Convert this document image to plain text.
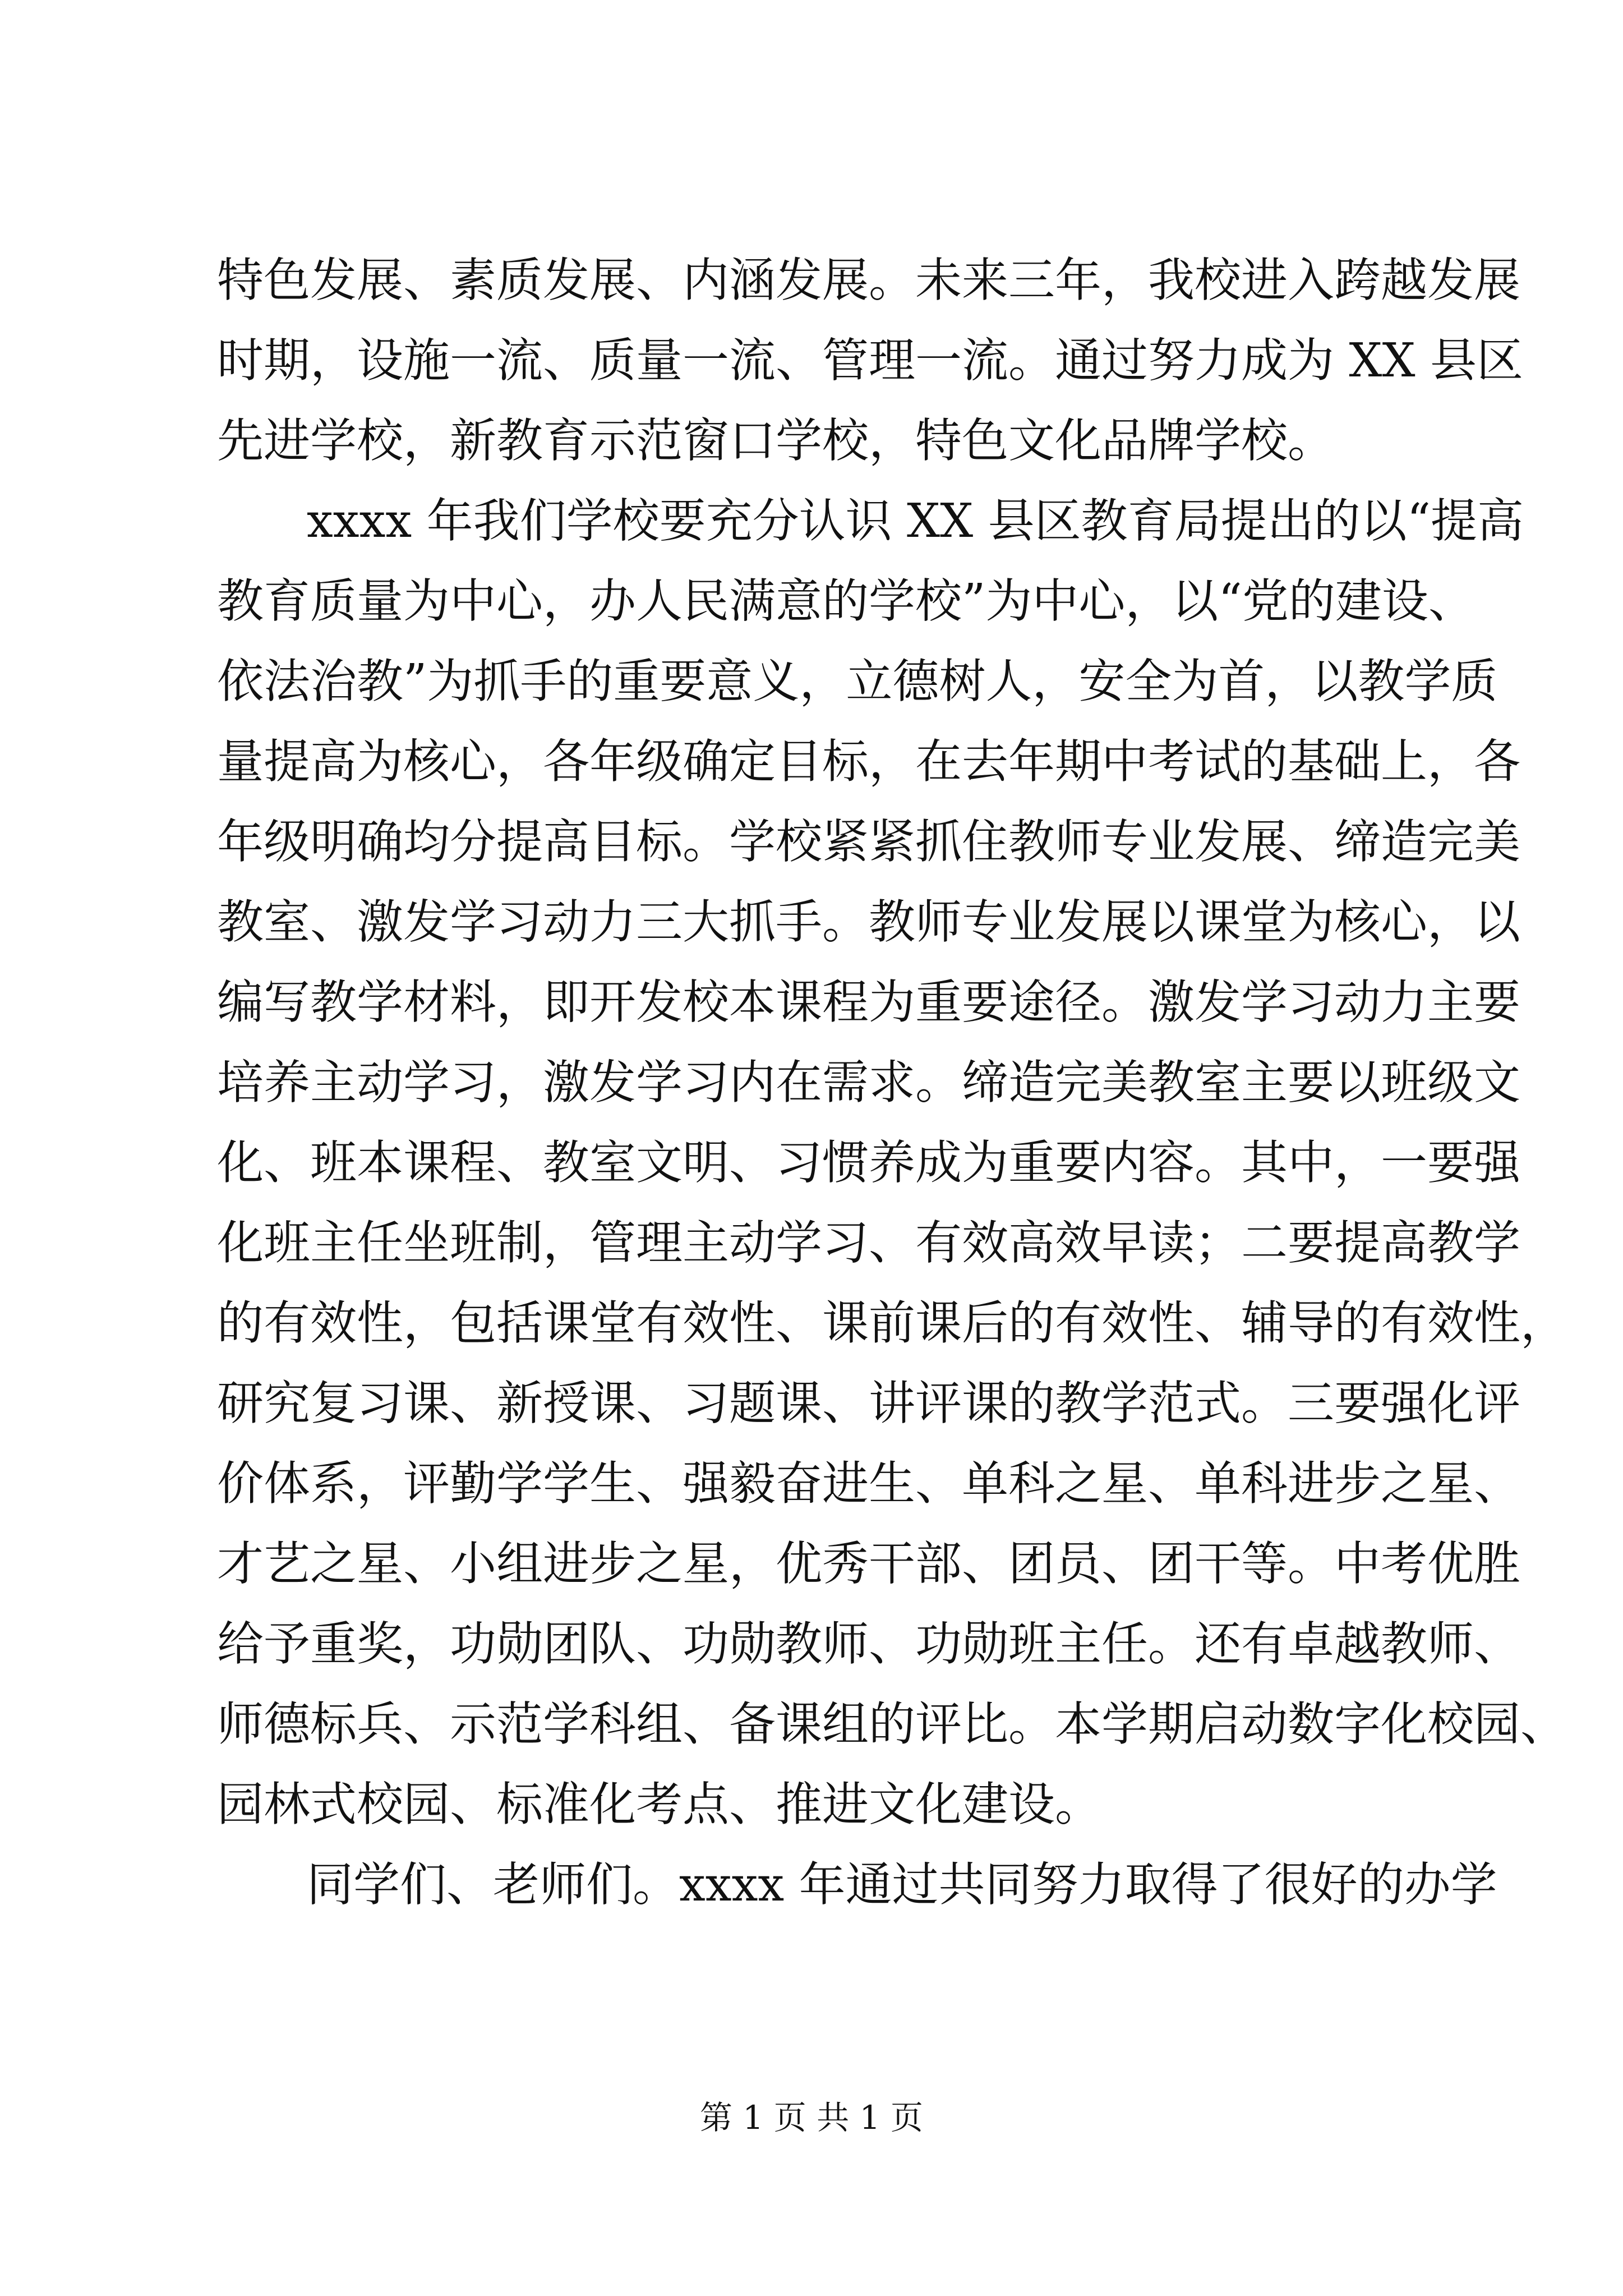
特色发展、素质发展、内涵发展。未来三年，我校进入跨越发展
时期，设施一流、质量一流、管理一流。通过努力成为 XX 县区
先进学校，新教育示范窗口学校，特色文化品牌学校。
xxxx 年我们学校要充分认识 XX 县区教育局提出的以“提高
教育质量为中心，办人民满意的学校”为中心，以“党的建设、
依法治教”为抓手的重要意义，立德树人，安全为首，以教学质
量提高为核心，各年级确定目标，在去年期中考试的基础上，各
年级明确均分提高目标。学校紧紧抓住教师专业发展、缔造完美
教室、激发学习动力三大抓手。教师专业发展以课堂为核心，以
编写教学材料，即开发校本课程为重要途径。激发学习动力主要
培养主动学习，激发学习内在需求。缔造完美教室主要以班级文
化、班本课程、教室文明、习惯养成为重要内容。其中，一要强
化班主任坐班制，管理主动学习、有效高效早读；二要提高教学
的有效性，包括课堂有效性、课前课后的有效性、辅导的有效性，
研究复习课、新授课、习题课、讲评课的教学范式。三要强化评
价体系，评勤学学生、强毅奋进生、单科之星、单科进步之星、
才艺之星、小组进步之星，优秀干部、团员、团干等。中考优胜
给予重奖，功勋团队、功勋教师、功勋班主任。还有卓越教师、
师德标兵、示范学科组、备课组的评比。本学期启动数字化校园、
园林式校园、标准化考点、推进文化建设。
同学们、老师们。xxxx 年通过共同努力取得了很好的办学
第 1 页 共 1 页
